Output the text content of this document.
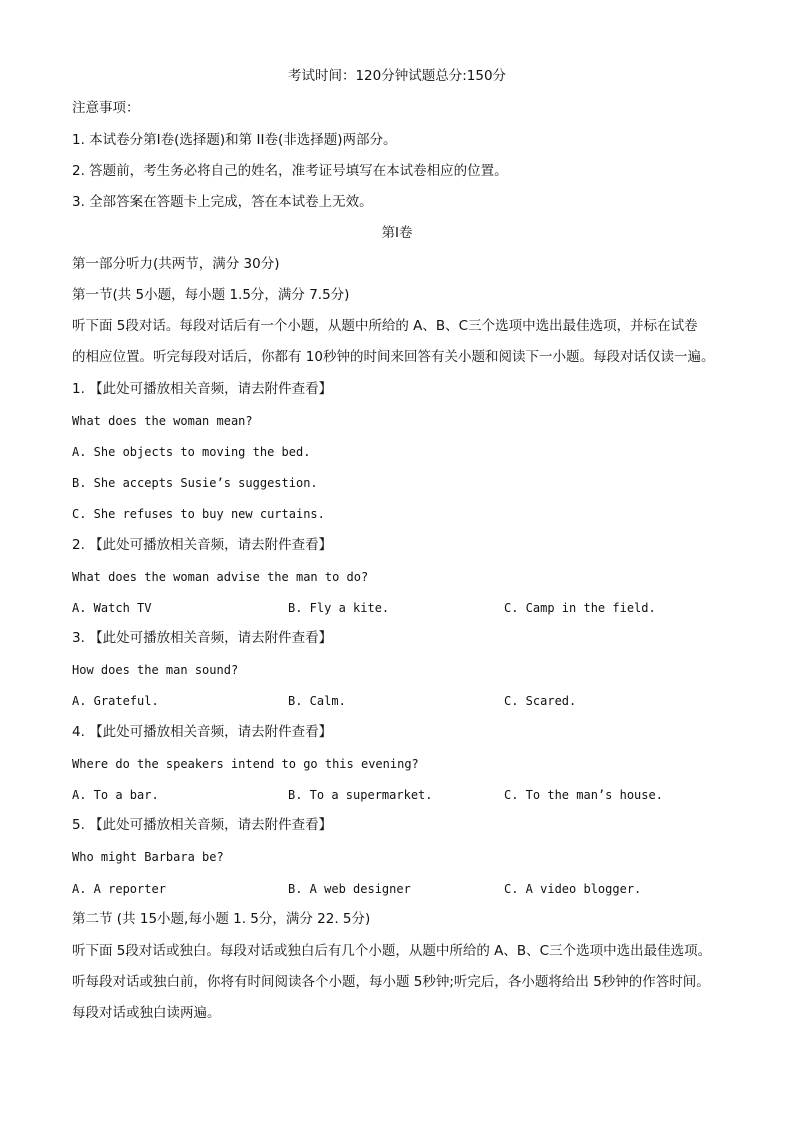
考试时间：120分钟试题总分:150分
注意事项：
1. 本试卷分第Ⅰ卷(选择题)和第 II卷(非选择题)两部分。
2. 答题前，考生务必将自己的姓名，准考证号填写在本试卷相应的位置。
3. 全部答案在答题卡上完成，答在本试卷上无效。
第Ⅰ卷
第一部分听力(共两节，满分 30分)
第一节(共 5小题，每小题 1.5分，满分 7.5分)
听下面 5段对话。每段对话后有一个小题，从题中所给的 A、B、C三个选项中选出最佳选项，并标在试卷
的相应位置。听完每段对话后，你都有 10秒钟的时间来回答有关小题和阅读下一小题。每段对话仅读一遍。
1. 【此处可播放相关音频，请去附件查看】
What does the woman mean?
A. She objects to moving the bed.
B. She accepts Susie’s suggestion.
C. She refuses to buy new curtains.
2. 【此处可播放相关音频，请去附件查看】
What does the woman advise the man to do?
A. Watch TV	B. Fly a kite.	C. Camp in the field.
3. 【此处可播放相关音频，请去附件查看】
How does the man sound?
A. Grateful.	B. Calm.	C. Scared.
4. 【此处可播放相关音频，请去附件查看】
Where do the speakers intend to go this evening?
A. To a bar.	B. To a supermarket.	C. To the man’s house.
5. 【此处可播放相关音频，请去附件查看】
Who might Barbara be?
A. A reporter	B. A web designer	C. A video blogger.
第二节 (共 15小题,每小题 1. 5分，满分 22. 5分)
听下面 5段对话或独白。每段对话或独白后有几个小题，从题中所给的 A、B、C三个选项中选出最佳选项。
听每段对话或独白前，你将有时间阅读各个小题，每小题 5秒钟;听完后，各小题将给出 5秒钟的作答时间。
每段对话或独白读两遍。
